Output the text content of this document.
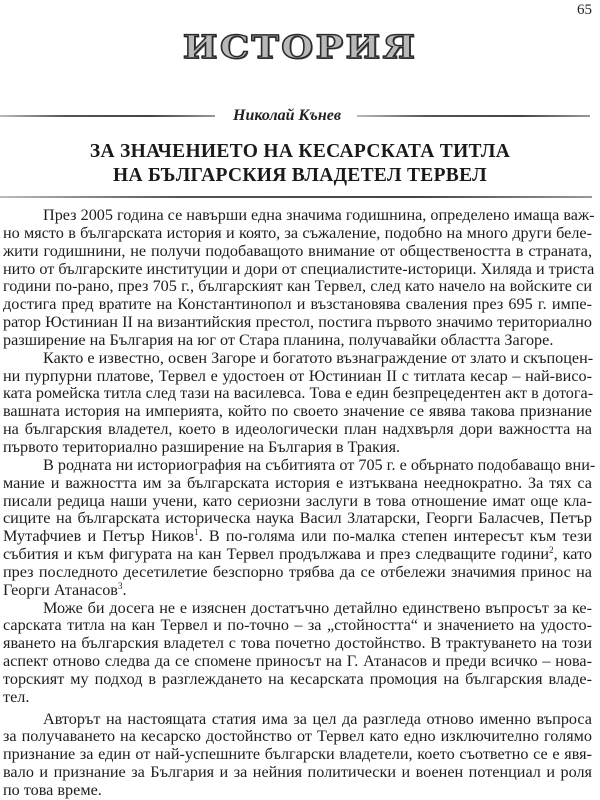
65
ИСТОРИЯ
Николай Кънев
ЗА ЗНАЧЕНИЕТО НА КЕСАРСКАТА ТИТЛА
НА БЪЛГАРСКИЯ ВЛАДЕТЕЛ ТЕРВЕЛ
През 2005 година се навърши една значима годишнина, определено имаща важ-
но място в българската история и която, за съжаление, подобно на много други беле-
жити годишнини, не получи подобаващото внимание от обществеността в страната,
нито от българските институции и дори от специалистите-историци. Хиляда и триста
години по-рано, през 705 г., българският кан Тервел, след като начело на войските си
достига пред вратите на Константинопол и възстановява сваления през 695 г. импе-
ратор Юстиниан II на византийския престол, постига първото значимо териториално
разширение на България на юг от Стара планина, получавайки областта Загоре.
Както е известно, освен Загоре и богатото възнаграждение от злато и скъпоцен-
ни пурпурни платове, Тервел е удостоен от Юстиниан II с титлата кесар – най-висо-
ката ромейска титла след тази на василевса. Това е един безпрецедентен акт в дотога-
вашната история на империята, който по своето значение се явява такова признание
на българския владетел, което в идеологически план надхвърля дори важността на
първото териториално разширение на България в Тракия.
В родната ни историография на събитията от 705 г. е обърнато подобаващо вни-
мание и важността им за българската история е изтъквана нееднократно. За тях са
писали редица наши учени, като сериозни заслуги в това отношение имат още кла-
сиците на българската историческа наука Васил Златарски, Георги Баласчев, Петър
Мутафчиев и Петър Ников$^1$. В по-голяма или по-малка степен интересът към тези
събития и към фигурата на кан Тервел продължава и през следващите години$^2$, като
през последното десетилетие безспорно трябва да се отбележи значимия принос на
Георги Атанасов$^3$.
Може би досега не е изяснен достатъчно детайлно единствено въпросът за ке-
сарската титла на кан Тервел и по-точно – за „стойността“ и значението на удосто-
яването на българския владетел с това почетно достойнство. В трактуването на този
аспект отново следва да се спомене приносът на Г. Атанасов и преди всичко – нова-
торският му подход в разглеждането на кесарската промоция на българския владе-
тел.
Авторът на настоящата статия има за цел да разгледа отново именно въпроса
за получаването на кесарско достойнство от Тервел като едно изключително голямо
признание за един от най-успешните български владетели, което съответно се е явя-
вало и признание за България и за нейния политически и военен потенциал и роля
по това време.
